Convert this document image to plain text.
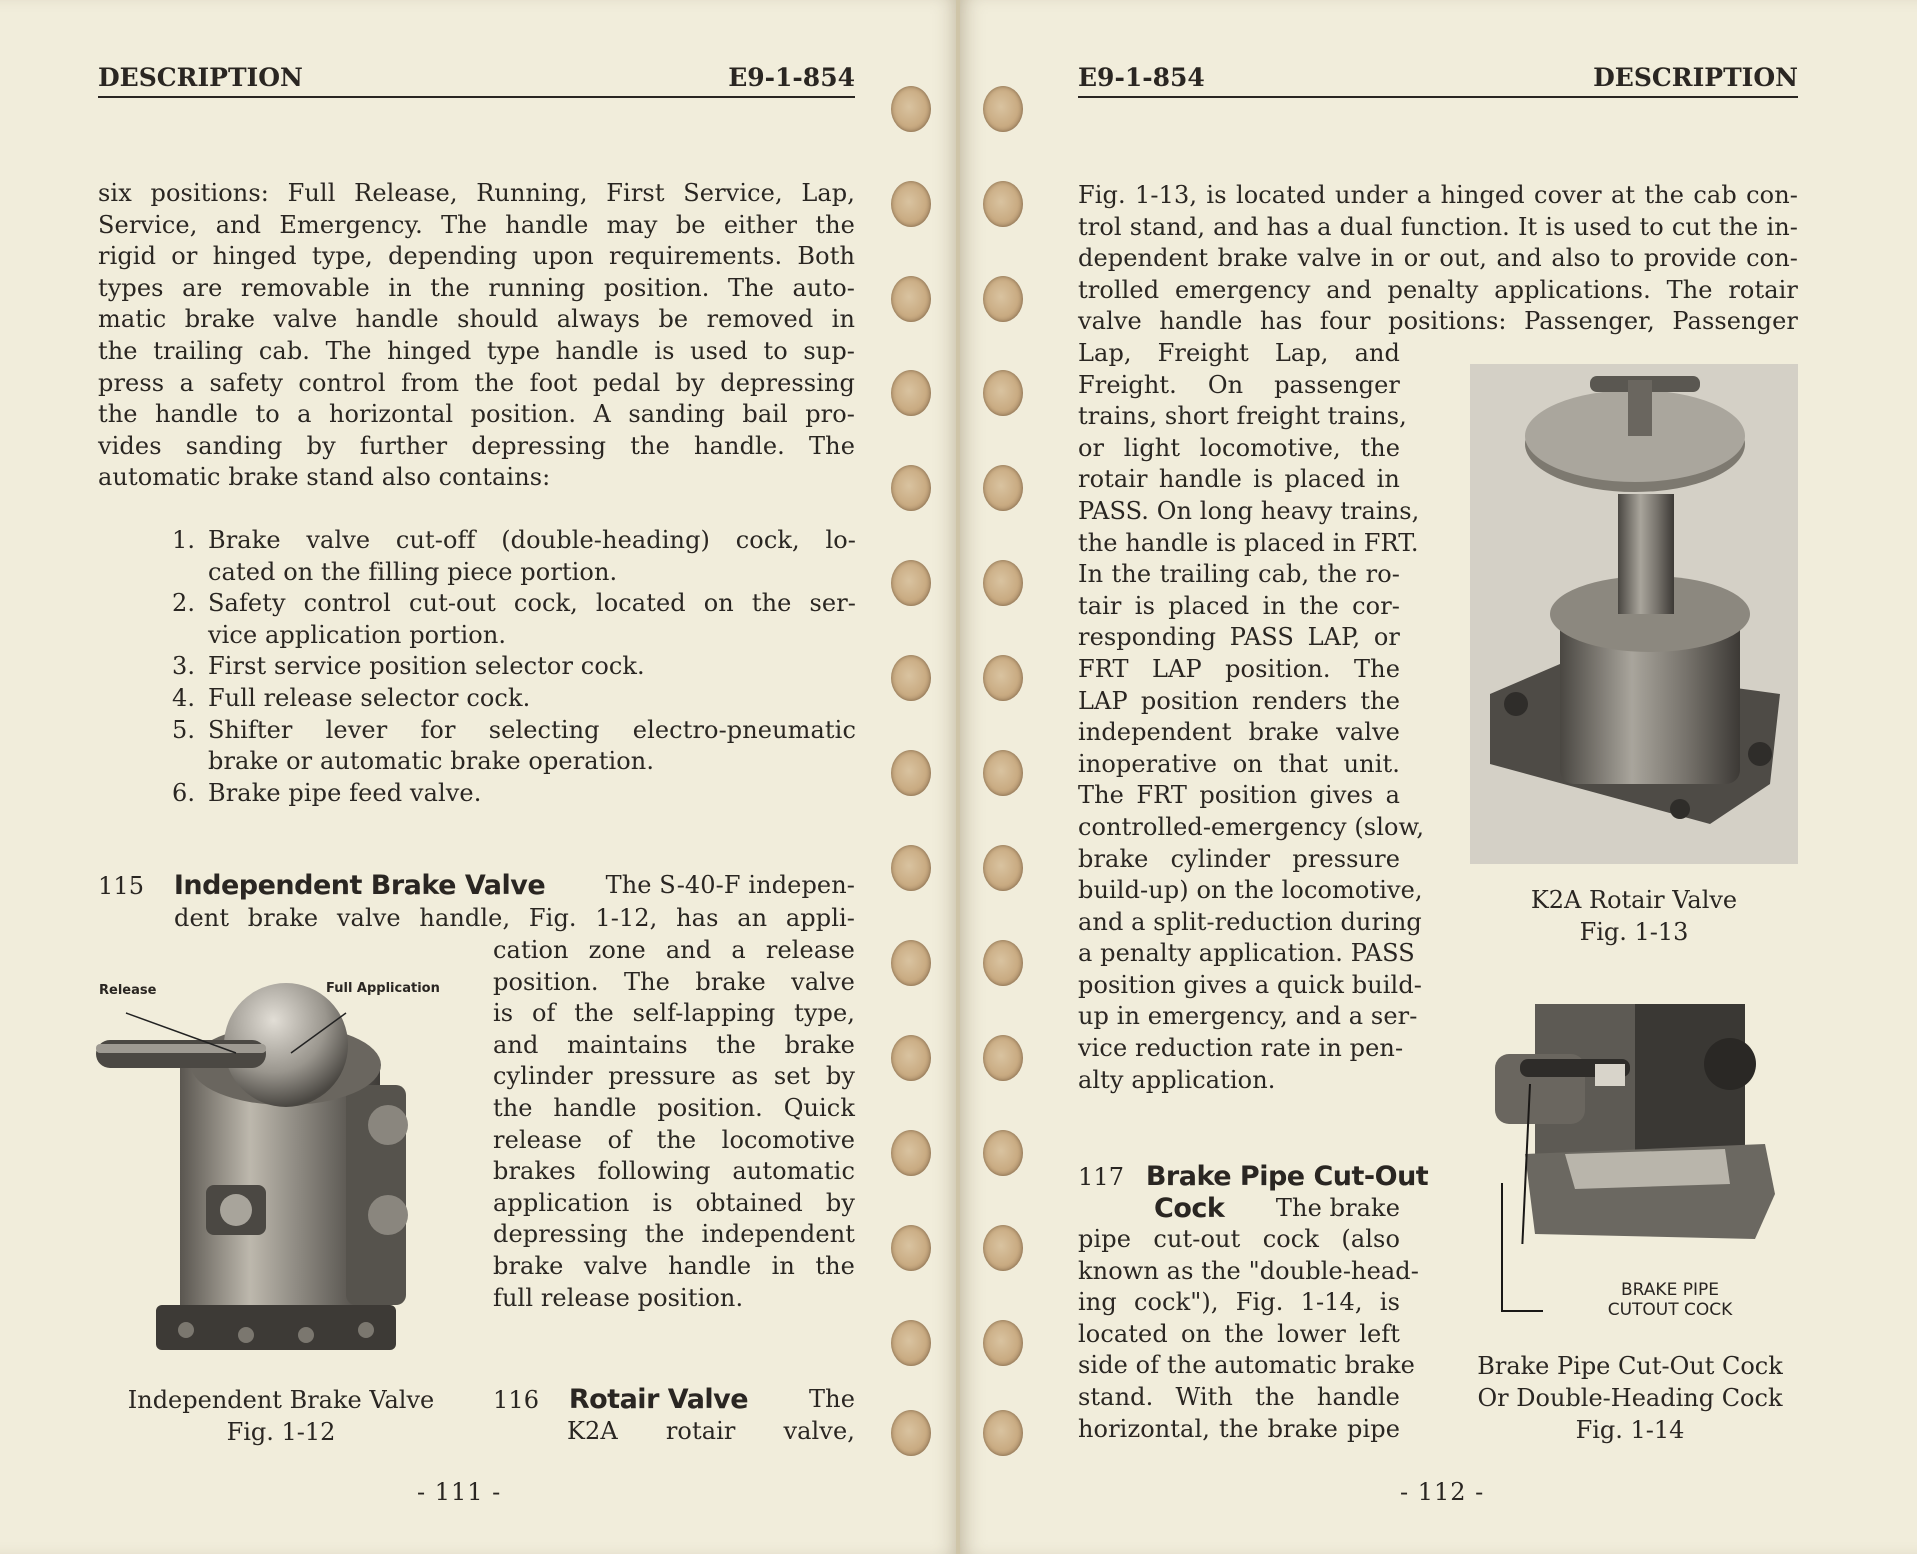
DESCRIPTION	E9-1-854
six positions: Full Release, Running, First Service, Lap,
Service, and Emergency. The handle may be either the
rigid or hinged type, depending upon requirements. Both
types are removable in the running position. The auto-
matic brake valve handle should always be removed in
the trailing cab. The hinged type handle is used to sup-
press a safety control from the foot pedal by depressing
the handle to a horizontal position. A sanding bail pro-
vides sanding by further depressing the handle. The
automatic brake stand also contains:
1. Brake valve cut-off (double-heading) cock, lo-
cated on the filling piece portion.
2. Safety control cut-out cock, located on the ser-
vice application portion.
3. First service position selector cock.
4. Full release selector cock.
5. Shifter lever for selecting electro-pneumatic
brake or automatic brake operation.
6. Brake pipe feed valve.
115 Independent Brake Valve	The S-40-F indepen-
dent brake valve handle, Fig. 1-12, has an appli-
cation zone and a release
position. The brake valve
is of the self-lapping type,
and maintains the brake
cylinder pressure as set by
the handle position. Quick
release of the locomotive
brakes following automatic
application is obtained by
depressing the independent
brake valve handle in the
full release position.
Release	Full Application
Independent Brake Valve
Fig. 1-12
116 Rotair Valve	The
K2A rotair valve,
- 111 -
E9-1-854	DESCRIPTION
Fig. 1-13, is located under a hinged cover at the cab con-
trol stand, and has a dual function. It is used to cut the in-
dependent brake valve in or out, and also to provide con-
trolled emergency and penalty applications. The rotair
valve handle has four positions: Passenger, Passenger
Lap, Freight Lap, and
Freight. On passenger
trains, short freight trains,
or light locomotive, the
rotair handle is placed in
PASS. On long heavy trains,
the handle is placed in FRT.
In the trailing cab, the ro-
tair is placed in the cor-
responding PASS LAP, or
FRT LAP position. The
LAP position renders the
independent brake valve
inoperative on that unit.
The FRT position gives a
controlled-emergency (slow,
brake cylinder pressure
build-up) on the locomotive,
and a split-reduction during
a penalty application. PASS
position gives a quick build-
up in emergency, and a ser-
vice reduction rate in pen-
alty application.
K2A Rotair Valve
Fig. 1-13
117 Brake Pipe Cut-Out
Cock The brake
pipe cut-out cock (also
known as the "double-head-
ing cock"), Fig. 1-14, is
located on the lower left
side of the automatic brake
stand. With the handle
horizontal, the brake pipe
BRAKE PIPE
CUTOUT COCK
Brake Pipe Cut-Out Cock
Or Double-Heading Cock
Fig. 1-14
- 112 -
